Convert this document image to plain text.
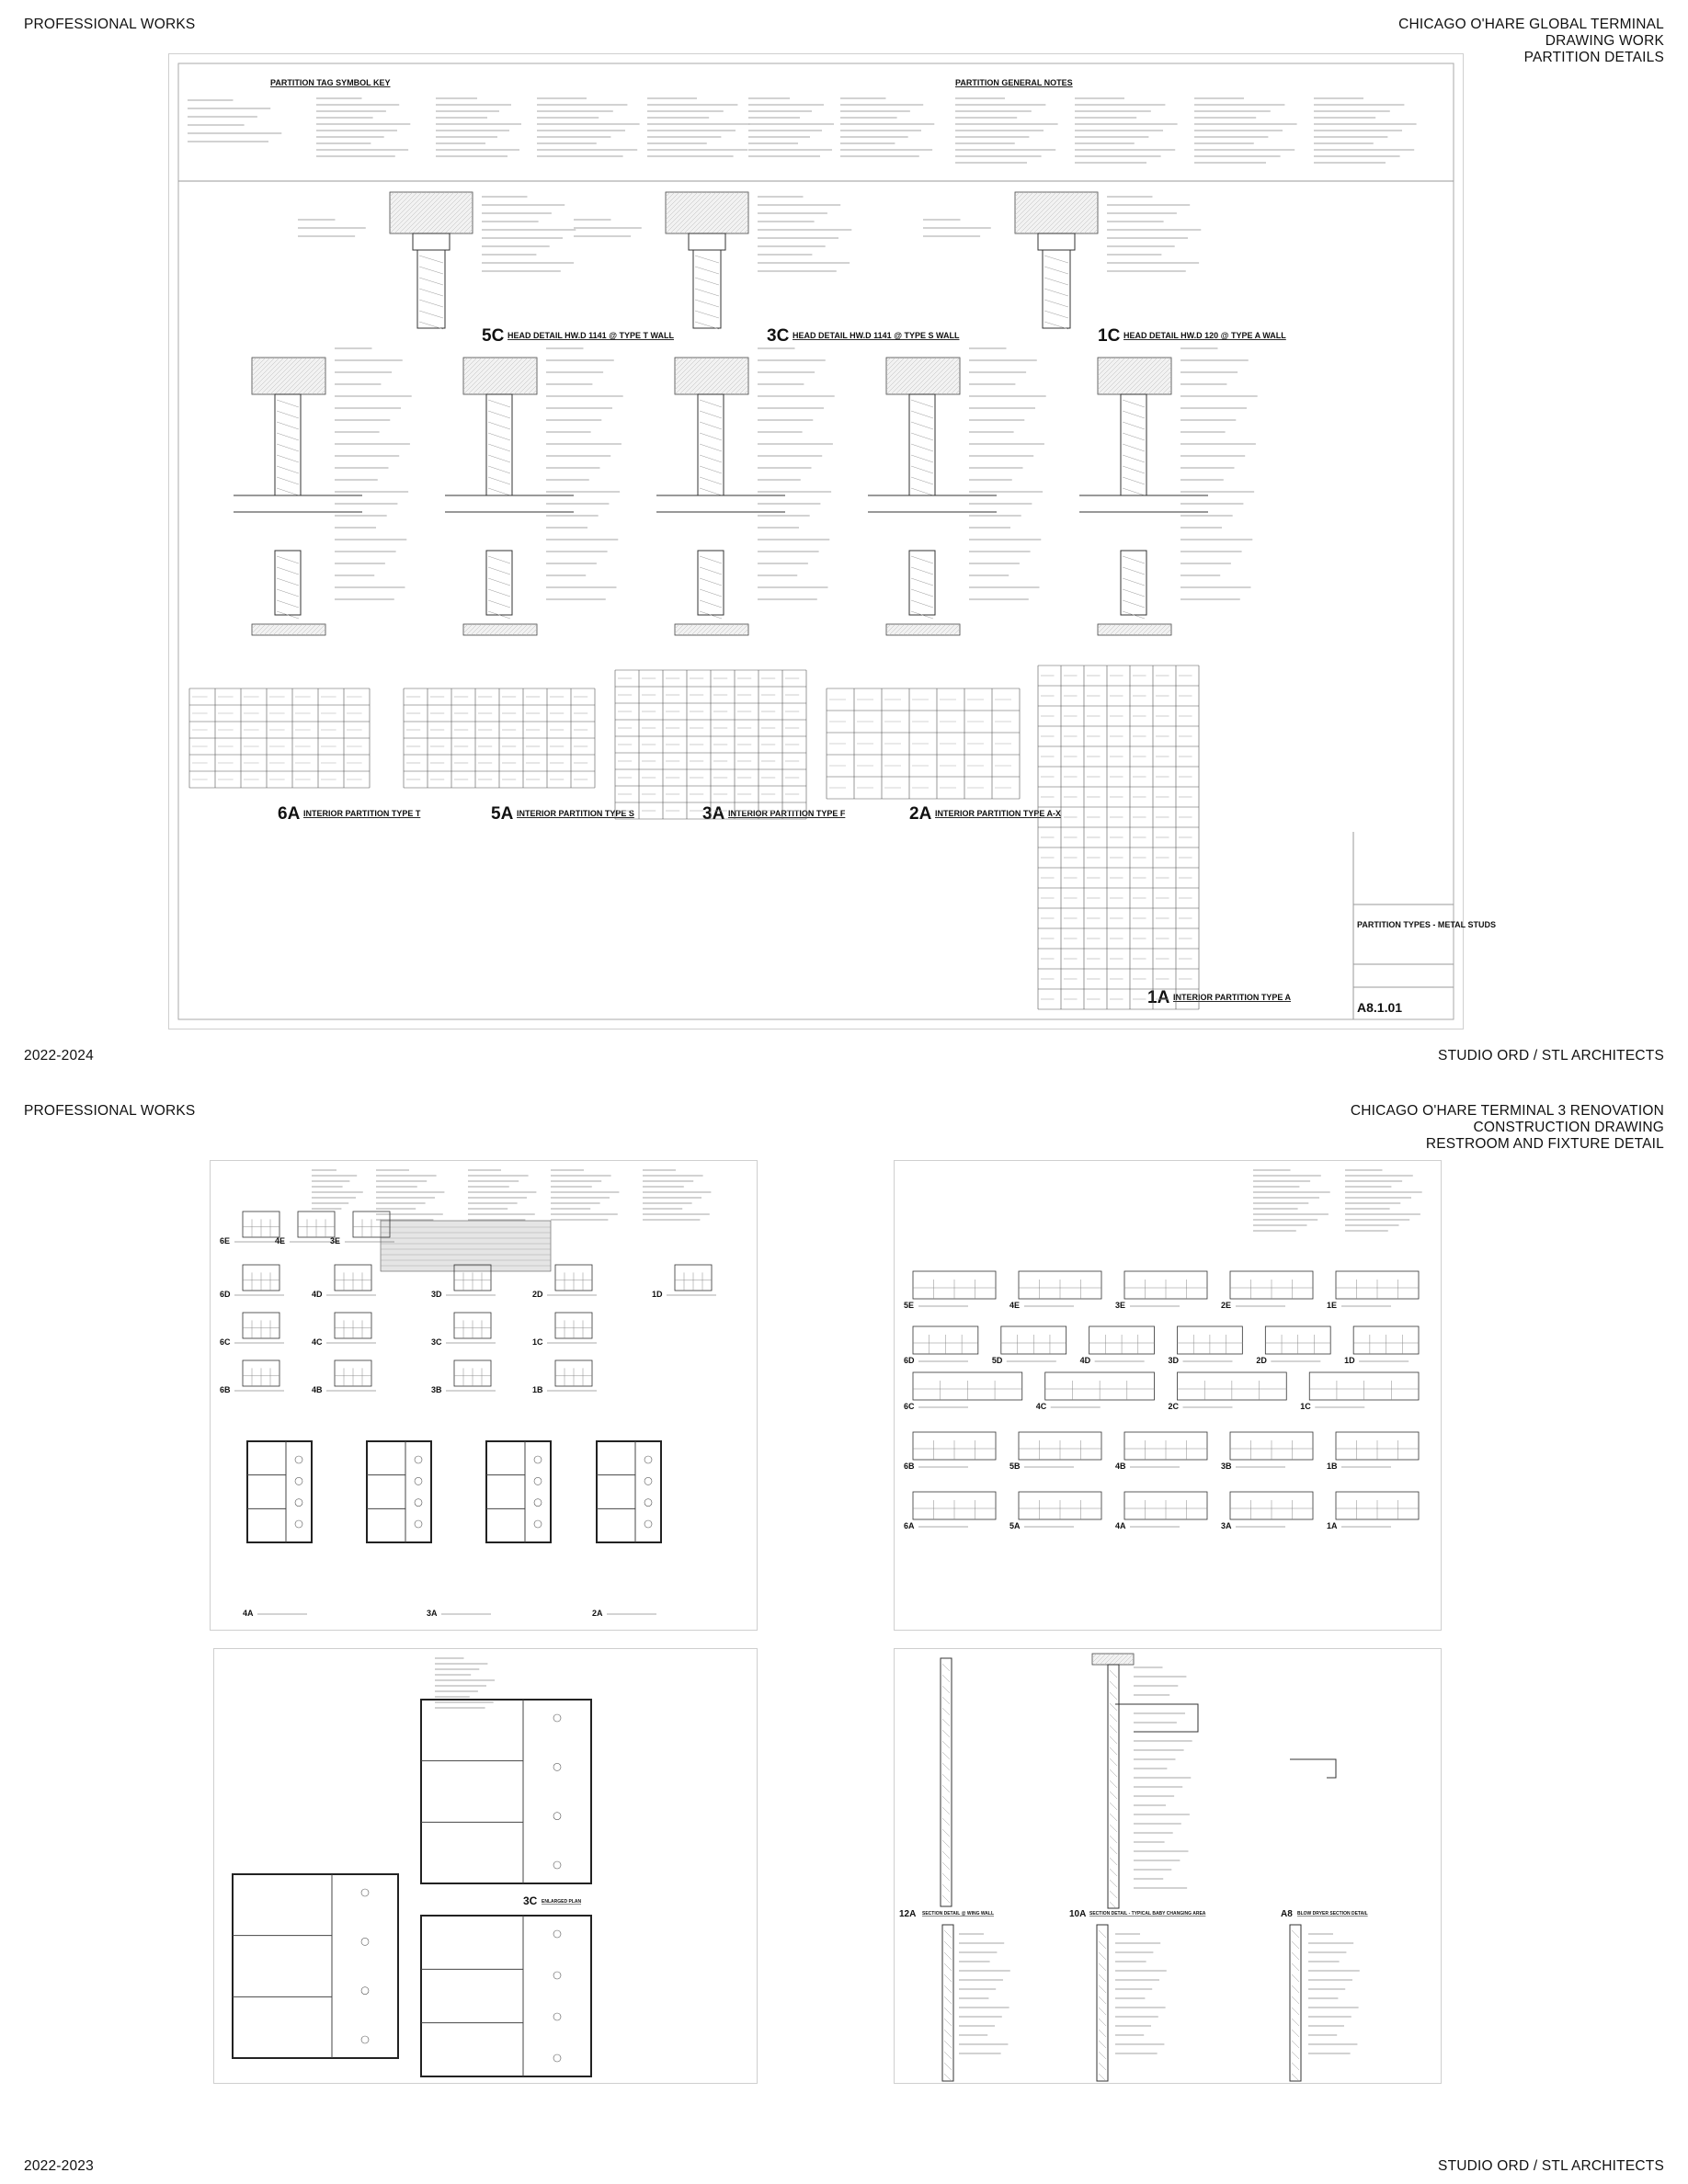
PROFESSIONAL WORKS	CHICAGO O'HARE GLOBAL TERMINAL
DRAWING WORK
PARTITION DETAILS
PARTITION TYPES - METAL STUDS
A8.1.01
PARTITION TAG SYMBOL KEY	PARTITION GENERAL NOTES
5C HEAD DETAIL HW.D 1141 @ TYPE T WALL	3C HEAD DETAIL HW.D 1141 @ TYPE S WALL	1C HEAD DETAIL HW.D 120 @ TYPE A WALL
6A INTERIOR PARTITION TYPE T	5A INTERIOR PARTITION TYPE S	3A INTERIOR PARTITION TYPE F	2A INTERIOR PARTITION TYPE A-X
1A INTERIOR PARTITION TYPE A
2022-2024	STUDIO ORD / STL ARCHITECTS
PROFESSIONAL WORKS	CHICAGO O'HARE TERMINAL 3 RENOVATION
CONSTRUCTION DRAWING
RESTROOM AND FIXTURE DETAIL
6E	4E	3E
6D	4D	3D	2D	1D
6C	4C	3C	1C
6B	4B	3B	1B
4A	3A	2A
5E	4E	3E	2E	1E
6D	5D	4D	3D	2D	1D
6C	4C	2C	1C
6B	5B	4B	3B	1B
6A	5A	4A	3A	1A
3C ENLARGED PLAN
12A SECTION DETAIL @ WING WALL	10A SECTION DETAIL - TYPICAL BABY CHANGING AREA	A8 BLOW DRYER SECTION DETAIL
2022-2023	STUDIO ORD / STL ARCHITECTS
